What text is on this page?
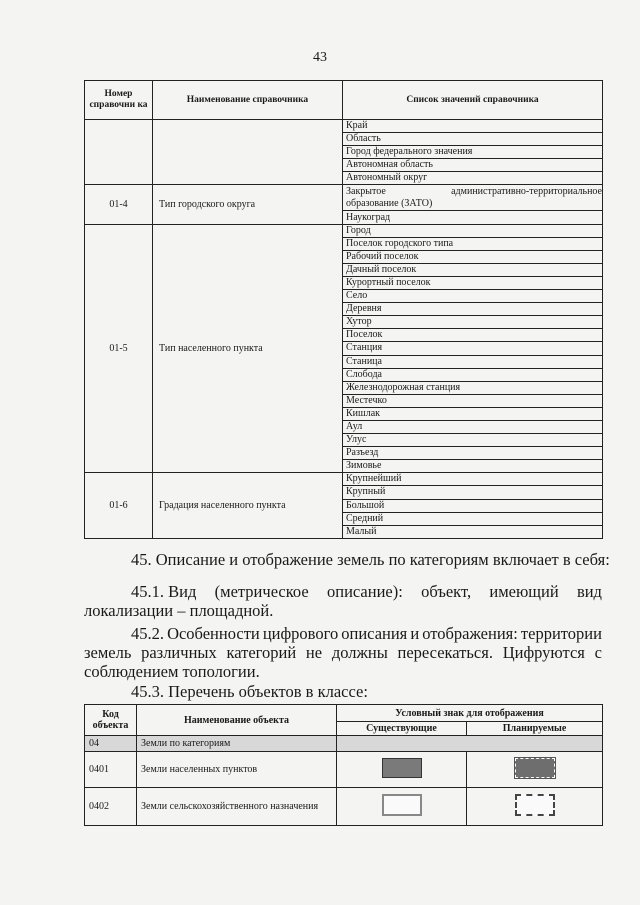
43
Номер справочни ка	Наименование справочника	Список значений справочника
		Край
		Область
		Город федерального значения
		Автономная область
		Автономный округ
01-4	Тип городского округа	Закрытое административно-территориальное
образование (ЗАТО)

		Наукоград
01-5	Тип населенного пункта	Город
		Поселок городского типа
		Рабочий поселок
		Дачный поселок
		Курортный поселок
		Село
		Деревня
		Хутор
		Поселок
		Станция
		Станица
		Слобода
		Железнодорожная станция
		Местечко
		Кишлак
		Аул
		Улус
		Разъезд
		Зимовье
01-6	Градация населенного пункта	Крупнейший
		Крупный
		Большой
		Средний
		Малый
45. Описание и отображение земель по категориям включает в себя:
45.1. Вид (метрическое описание): объект, имеющий вид
локализации – площадной.
45.2. Особенности цифрового описания и отображения: территории
земель различных категорий не должны пересекаться. Цифруются с
соблюдением топологии.
45.3. Перечень объектов в классе:
Код объекта	Наименование объекта	Условный знак для отображения	
		Существующие	Планируемые
04	Земли по категориям		
0401	Земли населенных пунктов		
0402	Земли сельскохозяйственного назначения		
